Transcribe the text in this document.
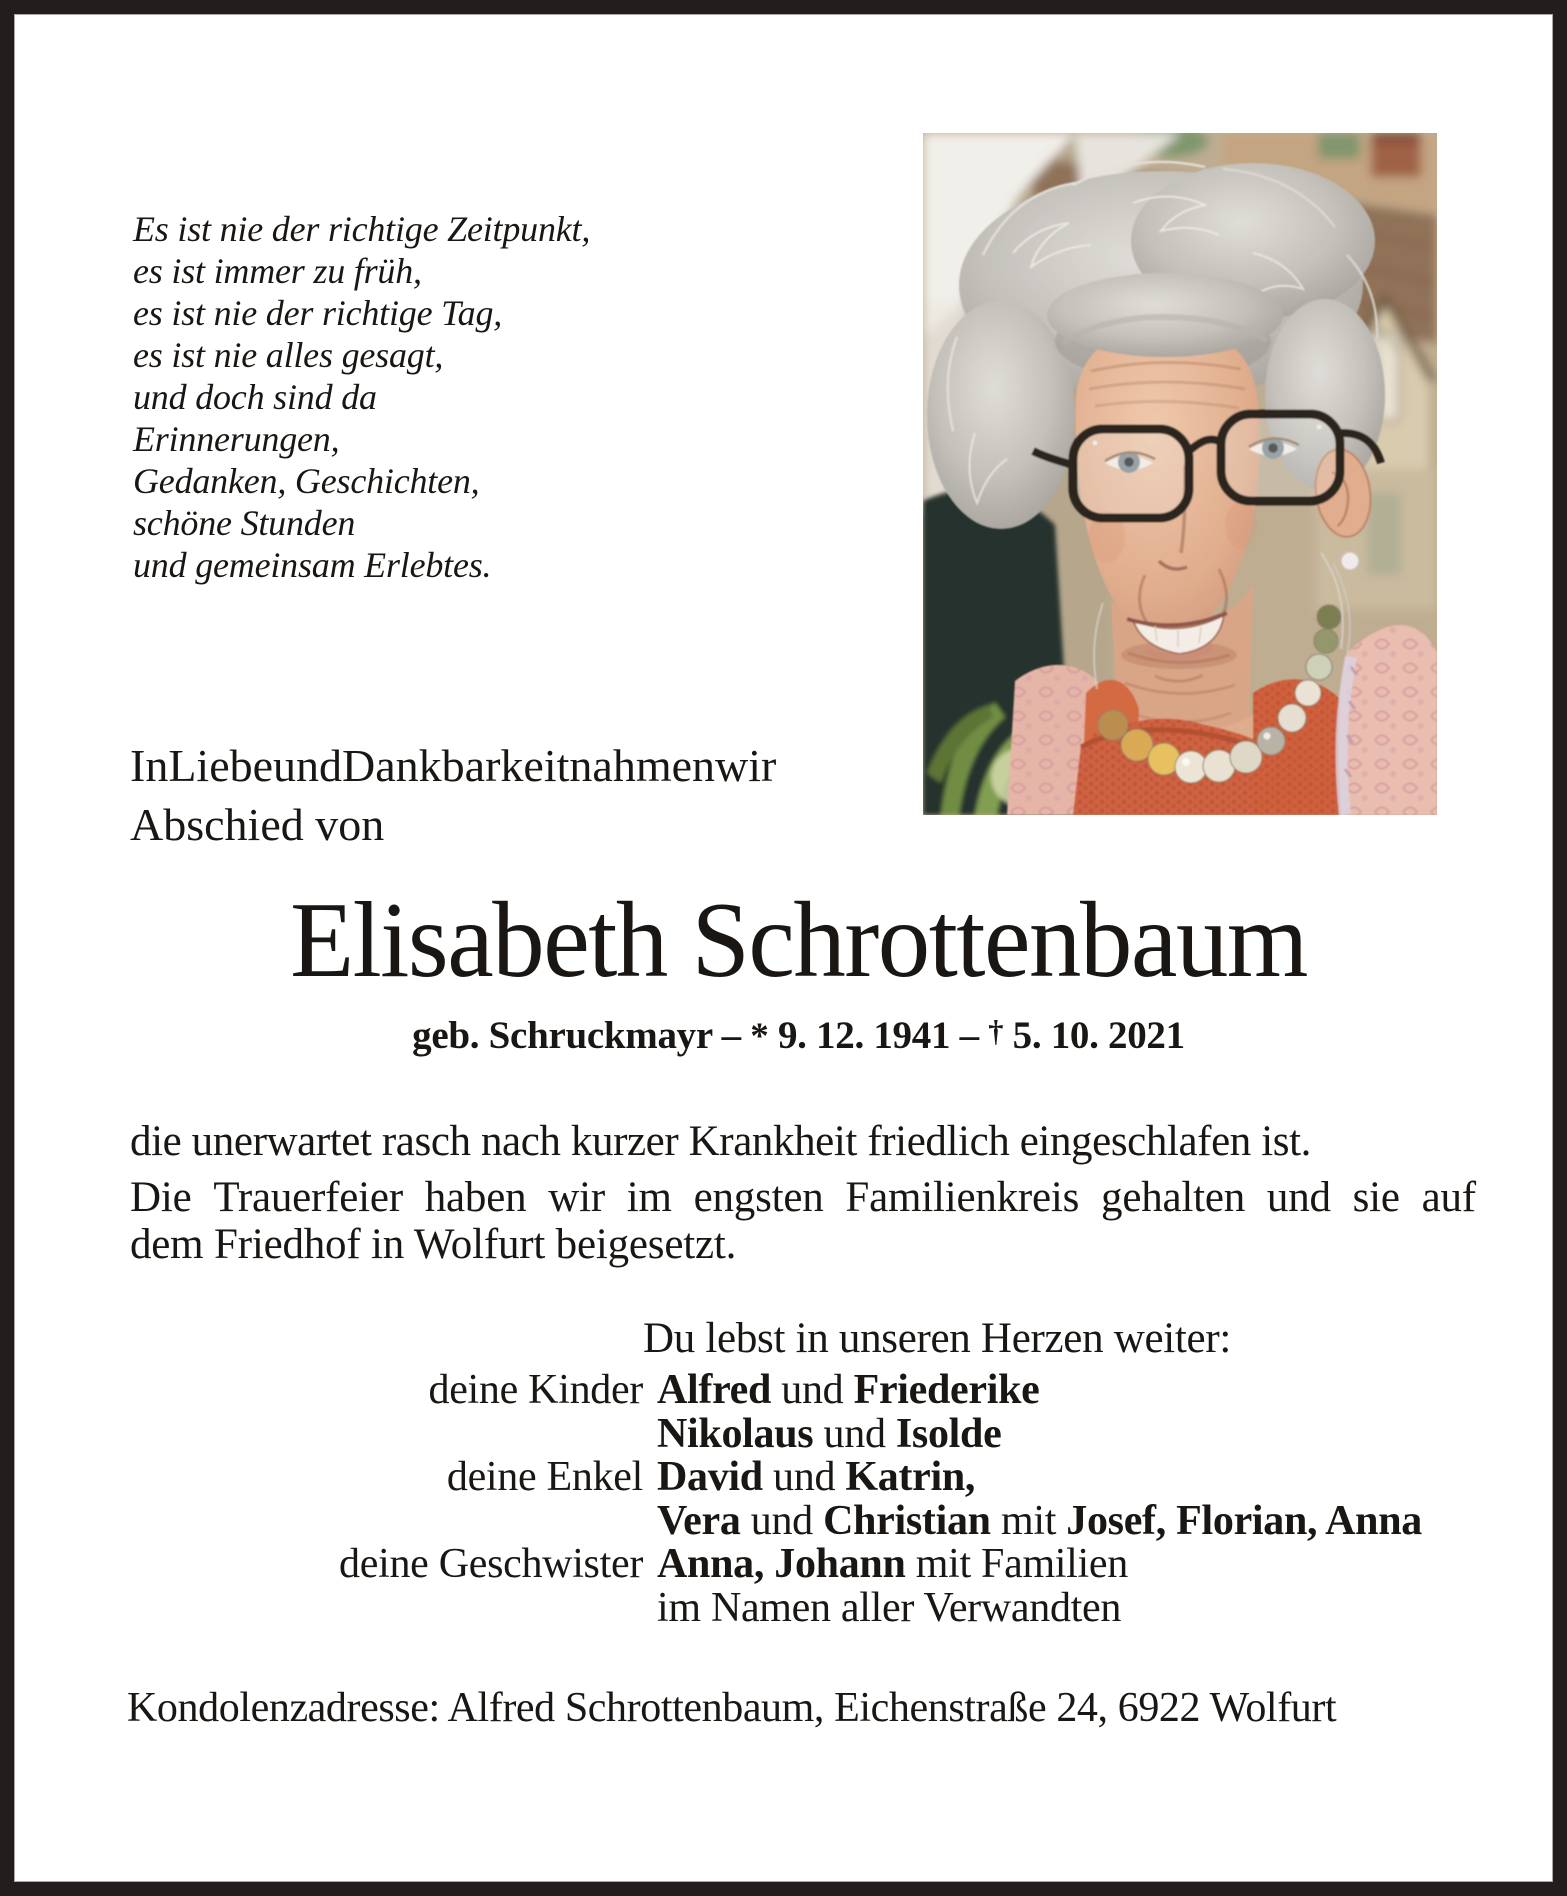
Es ist nie der richtige Zeitpunkt,
es ist immer zu früh,
es ist nie der richtige Tag,
es ist nie alles gesagt,
und doch sind da
Erinnerungen,
Gedanken, Geschichten,
schöne Stunden
und gemeinsam Erlebtes.
In Liebe und Dankbarkeit nahmen wir
Abschied von
Elisabeth Schrottenbaum
geb. Schruckmayr – * 9. 12. 1941 – † 5. 10. 2021
die unerwartet rasch nach kurzer Krankheit friedlich eingeschlafen ist.
Die Trauerfeier haben wir im engsten Familienkreis gehalten und sie auf
dem Friedhof in Wolfurt beigesetzt.
Du lebst in unseren Herzen weiter:
deine Kinder Alfred und Friederike
Nikolaus und Isolde
deine Enkel David und Katrin,
Vera und Christian mit Josef, Florian, Anna
deine Geschwister Anna, Johann mit Familien
im Namen aller Verwandten
Kondolenzadresse: Alfred Schrottenbaum, Eichenstraße 24, 6922 Wolfurt
